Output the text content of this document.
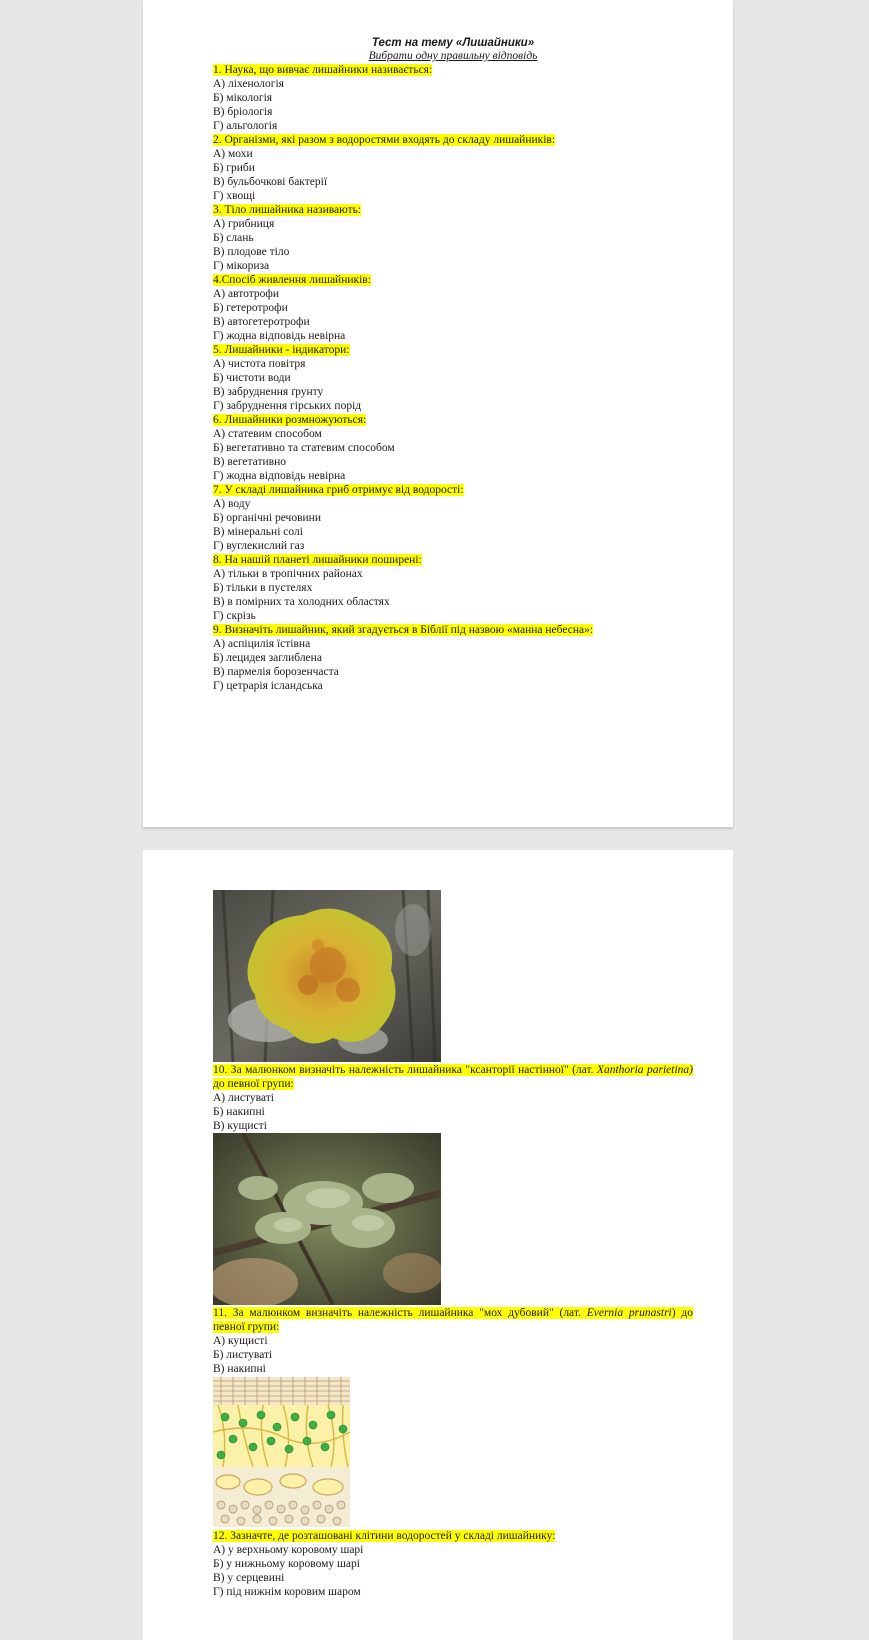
Тест на тему «Лишайники»
Вибрати одну правильну відповідь
1. Наука, що вивчає лишайники називається:
А) ліхенологія
Б) мікологія
В) бріологія
Г) альгологія
2. Організми, які разом з водоростями входять до складу лишайників:
А) мохи
Б) гриби
В) бульбочкові бактерії
Г) хвощі
3. Тіло лишайника називають:
А) грибниця
Б) слань
В) плодове тіло
Г) мікориза
4.Спосіб живлення лишайників:
А) автотрофи
Б) гетеротрофи
В) автогетеротрофи
Г) жодна відповідь невірна
5. Лишайники - індикатори:
А) чистота повітря
Б) чистоти води
В) забруднення ґрунту
Г) забруднення гірських порід
6. Лишайники розмножуються:
А) статевим способом
Б) вегетативно та статевим способом
В) вегетативно
Г) жодна відповідь невірна
7. У складі лишайника гриб отримує від водорості:
А) воду
Б) органічні речовини
В) мінеральні солі
Г) вуглекислий газ
8. На нашій планеті лишайники поширені:
А) тільки в тропічних районах
Б) тільки в пустелях
В) в помірних та холодних областях
Г) скрізь
9. Визначіть лишайник, який згадується в Біблії під назвою «манна небесна»:
А) аспіцилія їстівна
Б) лецидея заглиблена
В) пармелія борозенчаста
Г) цетрарія ісландська
10. За малюнком визначіть належність лишайника "ксанторії настінної" (лат. Xanthoria parietina) до певної групи:
А) листуваті
Б) накипні
В) кущисті
11. За малюнком визначіть належність лишайника "мох дубовий" (лат. Evernia prunastri) до певної групи:
А) кущисті
Б) листуваті
В) накипні
12. Зазначте, де розташовані клітини водоростей у складі лишайнику:
А) у верхньому коровому шарі
Б) у нижньому коровому шарі
В) у серцевині
Г) під нижнім коровим шаром
